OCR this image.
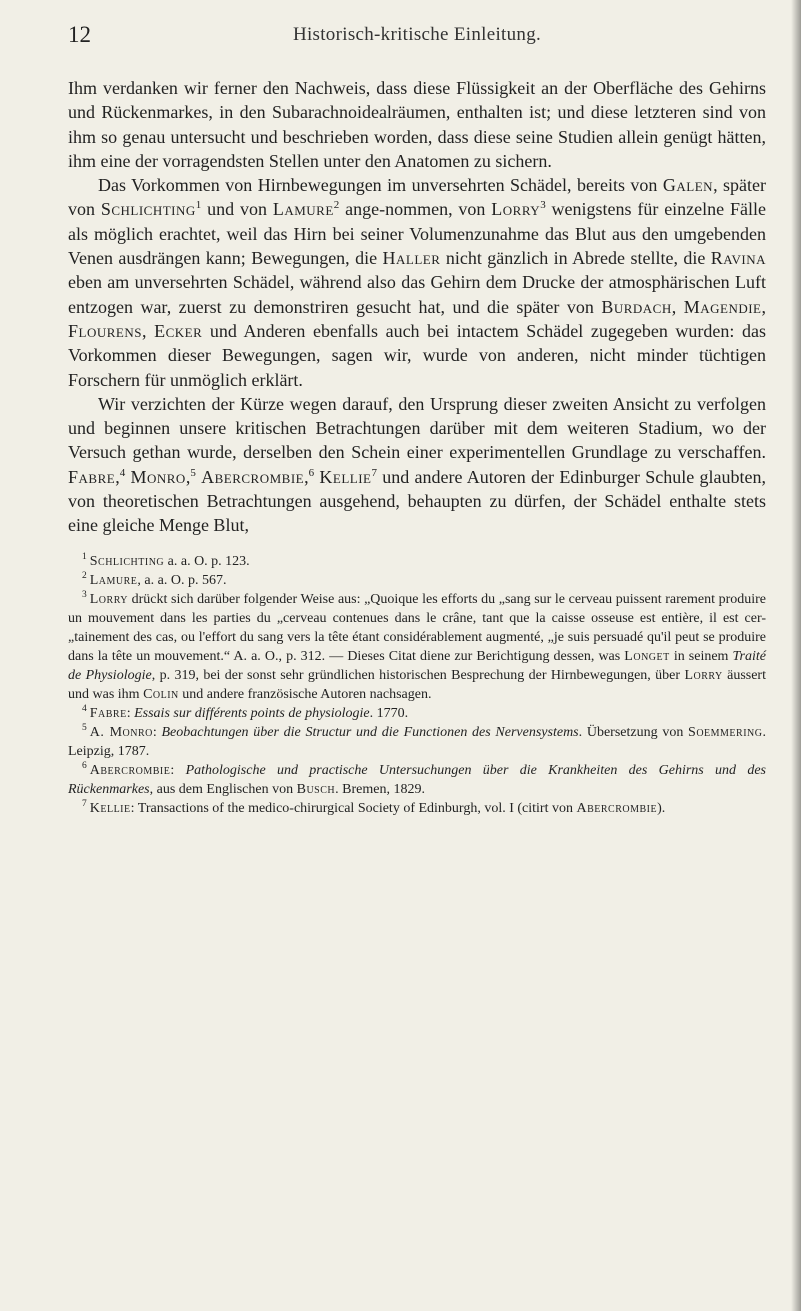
12	Historisch-kritische Einleitung.

Ihm verdanken wir ferner den Nachweis, dass diese Flüssigkeit an der Oberfläche des Gehirns und Rückenmarkes, in den Subarachnoidealräumen, enthalten ist; und diese letzteren sind von ihm so genau untersucht und beschrieben worden, dass diese seine Studien allein genügt hätten, ihm eine der vorragendsten Stellen unter den Anatomen zu sichern.

Das Vorkommen von Hirnbewegungen im unversehrten Schädel, bereits von Galen, später von Schlichting$^1$ und von Lamure$^2$ ange-nommen, von Lorry$^3$ wenigstens für einzelne Fälle als möglich erachtet, weil das Hirn bei seiner Volumenzunahme das Blut aus den umgebenden Venen ausdrängen kann; Bewegungen, die Haller nicht gänzlich in Abrede stellte, die Ravina eben am unversehrten Schädel, während also das Gehirn dem Drucke der atmosphärischen Luft entzogen war, zuerst zu demonstriren gesucht hat, und die später von Burdach, Magendie, Flourens, Ecker und Anderen ebenfalls auch bei intactem Schädel zugegeben wurden: das Vorkommen dieser Bewegungen, sagen wir, wurde von anderen, nicht minder tüchtigen Forschern für unmöglich erklärt.

Wir verzichten der Kürze wegen darauf, den Ursprung dieser zweiten Ansicht zu verfolgen und beginnen unsere kritischen Betrachtungen darüber mit dem weiteren Stadium, wo der Versuch gethan wurde, derselben den Schein einer experimentellen Grundlage zu verschaffen. Fabre,$^4$ Monro,$^5$ Abercrombie,$^6$ Kellie$^7$ und andere Autoren der Edinburger Schule glaubten, von theoretischen Betrachtungen ausgehend, behaupten zu dürfen, der Schädel enthalte stets eine gleiche Menge Blut,

$^1$ Schlichting a. a. O. p. 123.

$^2$ Lamure, a. a. O. p. 567.

$^3$ Lorry drückt sich darüber folgender Weise aus: „Quoique les efforts du „sang sur le cerveau puissent rarement produire un mouvement dans les parties du „cerveau contenues dans le crâne, tant que la caisse osseuse est entière, il est cer-„tainement des cas, ou l'effort du sang vers la tête étant considérablement augmenté, „je suis persuadé qu'il peut se produire dans la tête un mouvement.“ A. a. O., p. 312. — Dieses Citat diene zur Berichtigung dessen, was Longet in seinem Traité de Physiologie, p. 319, bei der sonst sehr gründlichen historischen Besprechung der Hirnbewegungen, über Lorry äussert und was ihm Colin und andere französische Autoren nachsagen.

$^4$ Fabre: Essais sur différents points de physiologie. 1770.

$^5$ A. Monro: Beobachtungen über die Structur und die Functionen des Nervensystems. Übersetzung von Soemmering. Leipzig, 1787.

$^6$ Abercrombie: Pathologische und practische Untersuchungen über die Krankheiten des Gehirns und des Rückenmarkes, aus dem Englischen von Busch. Bremen, 1829.

$^7$ Kellie: Transactions of the medico-chirurgical Society of Edinburgh, vol. I (citirt von Abercrombie).
